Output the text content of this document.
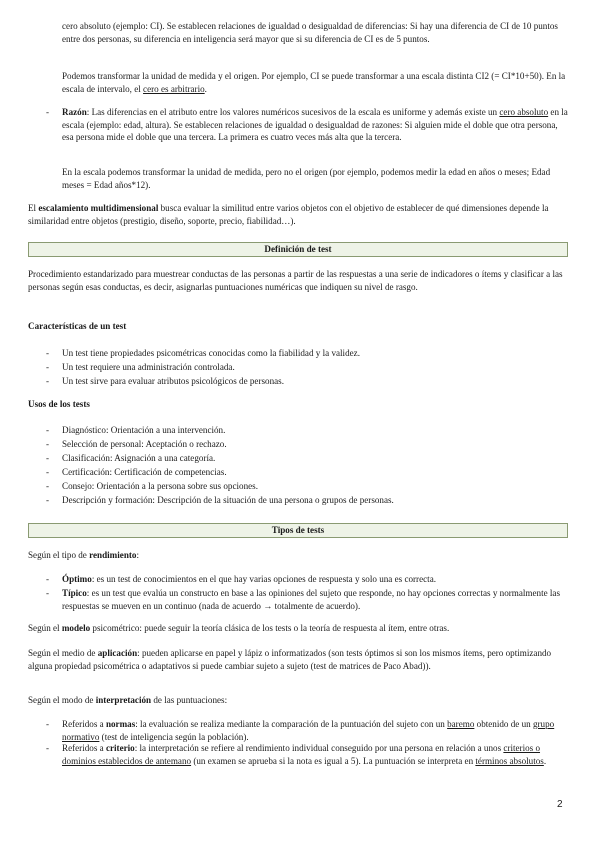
cero absoluto (ejemplo: CI). Se establecen relaciones de igualdad o desigualdad de diferencias: Si hay una diferencia de CI de 10 puntos entre dos personas, su diferencia en inteligencia será mayor que si su diferencia de CI es de 5 puntos.
Podemos transformar la unidad de medida y el origen. Por ejemplo, CI se puede transformar a una escala distinta CI2 (= CI*10+50). En la escala de intervalo, el cero es arbitrario.
- Razón: Las diferencias en el atributo entre los valores numéricos sucesivos de la escala es uniforme y además existe un cero absoluto en la escala (ejemplo: edad, altura). Se establecen relaciones de igualdad o desigualdad de razones: Si alguien mide el doble que otra persona, esa persona mide el doble que una tercera. La primera es cuatro veces más alta que la tercera.
En la escala podemos transformar la unidad de medida, pero no el origen (por ejemplo, podemos medir la edad en años o meses; Edad meses = Edad años*12).
El escalamiento multidimensional busca evaluar la similitud entre varios objetos con el objetivo de establecer de qué dimensiones depende la similaridad entre objetos (prestigio, diseño, soporte, precio, fiabilidad…).
Definición de test
Procedimiento estandarizado para muestrear conductas de las personas a partir de las respuestas a una serie de indicadores o ítems y clasificar a las personas según esas conductas, es decir, asignarlas puntuaciones numéricas que indiquen su nivel de rasgo.
Características de un test
- Un test tiene propiedades psicométricas conocidas como la fiabilidad y la validez.
- Un test requiere una administración controlada.
- Un test sirve para evaluar atributos psicológicos de personas.
Usos de los tests
- Diagnóstico: Orientación a una intervención.
- Selección de personal: Aceptación o rechazo.
- Clasificación: Asignación a una categoría.
- Certificación: Certificación de competencias.
- Consejo: Orientación a la persona sobre sus opciones.
- Descripción y formación: Descripción de la situación de una persona o grupos de personas.
Tipos de tests
Según el tipo de rendimiento:
- Óptimo: es un test de conocimientos en el que hay varias opciones de respuesta y solo una es correcta.
- Típico: es un test que evalúa un constructo en base a las opiniones del sujeto que responde, no hay opciones correctas y normalmente las respuestas se mueven en un continuo (nada de acuerdo → totalmente de acuerdo).
Según el modelo psicométrico: puede seguir la teoría clásica de los tests o la teoría de respuesta al ítem, entre otras.
Según el medio de aplicación: pueden aplicarse en papel y lápiz o informatizados (son tests óptimos si son los mismos ítems, pero optimizando alguna propiedad psicométrica o adaptativos si puede cambiar sujeto a sujeto (test de matrices de Paco Abad)).
Según el modo de interpretación de las puntuaciones:
- Referidos a normas: la evaluación se realiza mediante la comparación de la puntuación del sujeto con un baremo obtenido de un grupo normativo (test de inteligencia según la población).
- Referidos a criterio: la interpretación se refiere al rendimiento individual conseguido por una persona en relación a unos criterios o dominios establecidos de antemano (un examen se aprueba si la nota es igual a 5). La puntuación se interpreta en términos absolutos.
2
